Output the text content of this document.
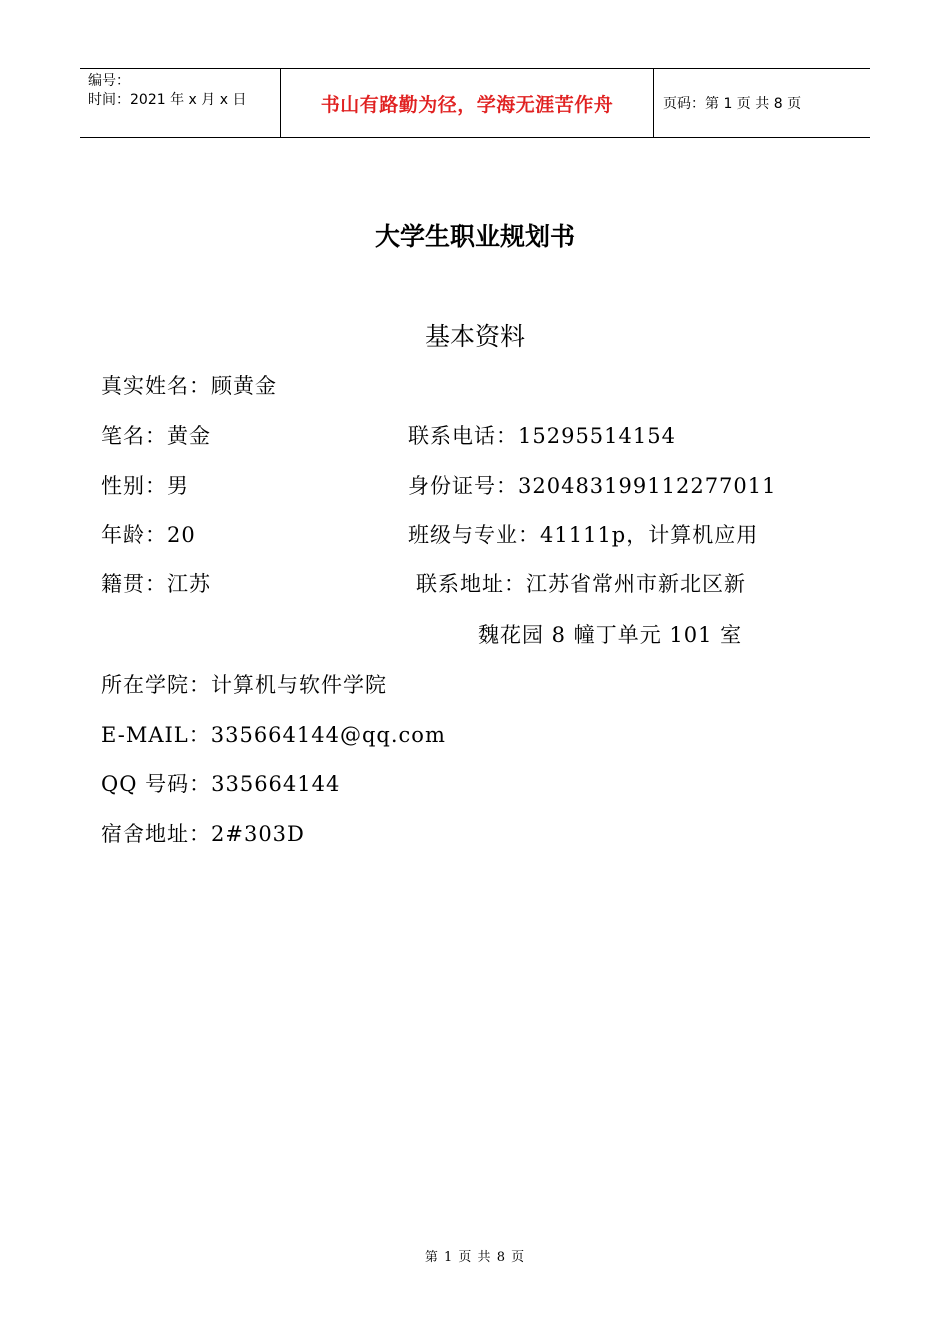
编号：
时间：2021 年 x 月 x 日	书山有路勤为径，学海无涯苦作舟	页码：第 1 页 共 8 页
大学生职业规划书
基本资料
真实姓名：顾黄金
笔名：黄金	联系电话：15295514154
性别：男	身份证号：320483199112277011
年龄：20	班级与专业：41111p，计算机应用
籍贯：江苏	联系地址：江苏省常州市新北区新
魏花园 8 幢丁单元 101 室
所在学院：计算机与软件学院
E-MAIL：335664144@qq.com
QQ 号码：335664144
宿舍地址：2#303D
第 1 页 共 8 页
